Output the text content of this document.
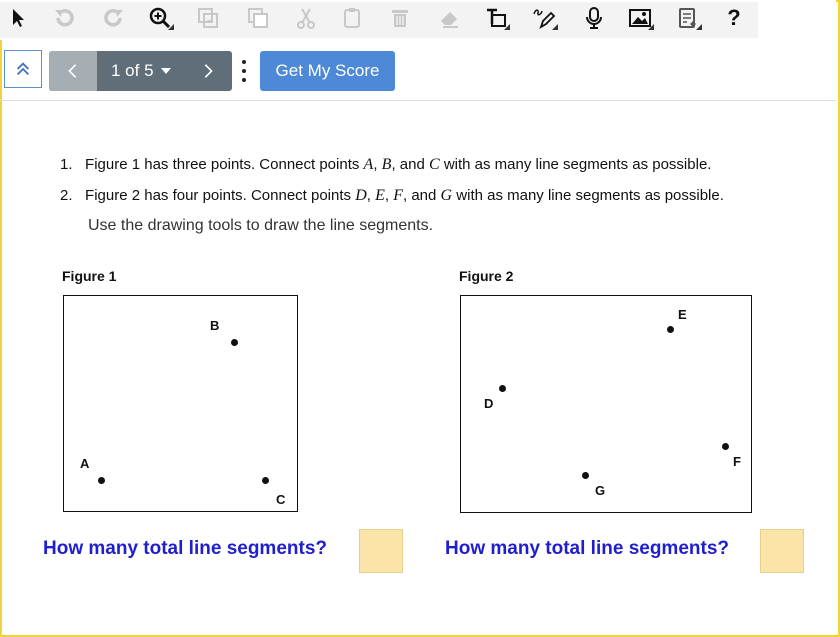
?
1 of 5	Get My Score
1. Figure 1 has three points. Connect points A, B, and C with as many line segments as possible.
2. Figure 2 has four points. Connect points D, E, F, and G with as many line segments as possible.
Use the drawing tools to draw the line segments.
Figure 1
B
A
C
Figure 2
E
D
F
G
How many total line segments?	How many total line segments?
